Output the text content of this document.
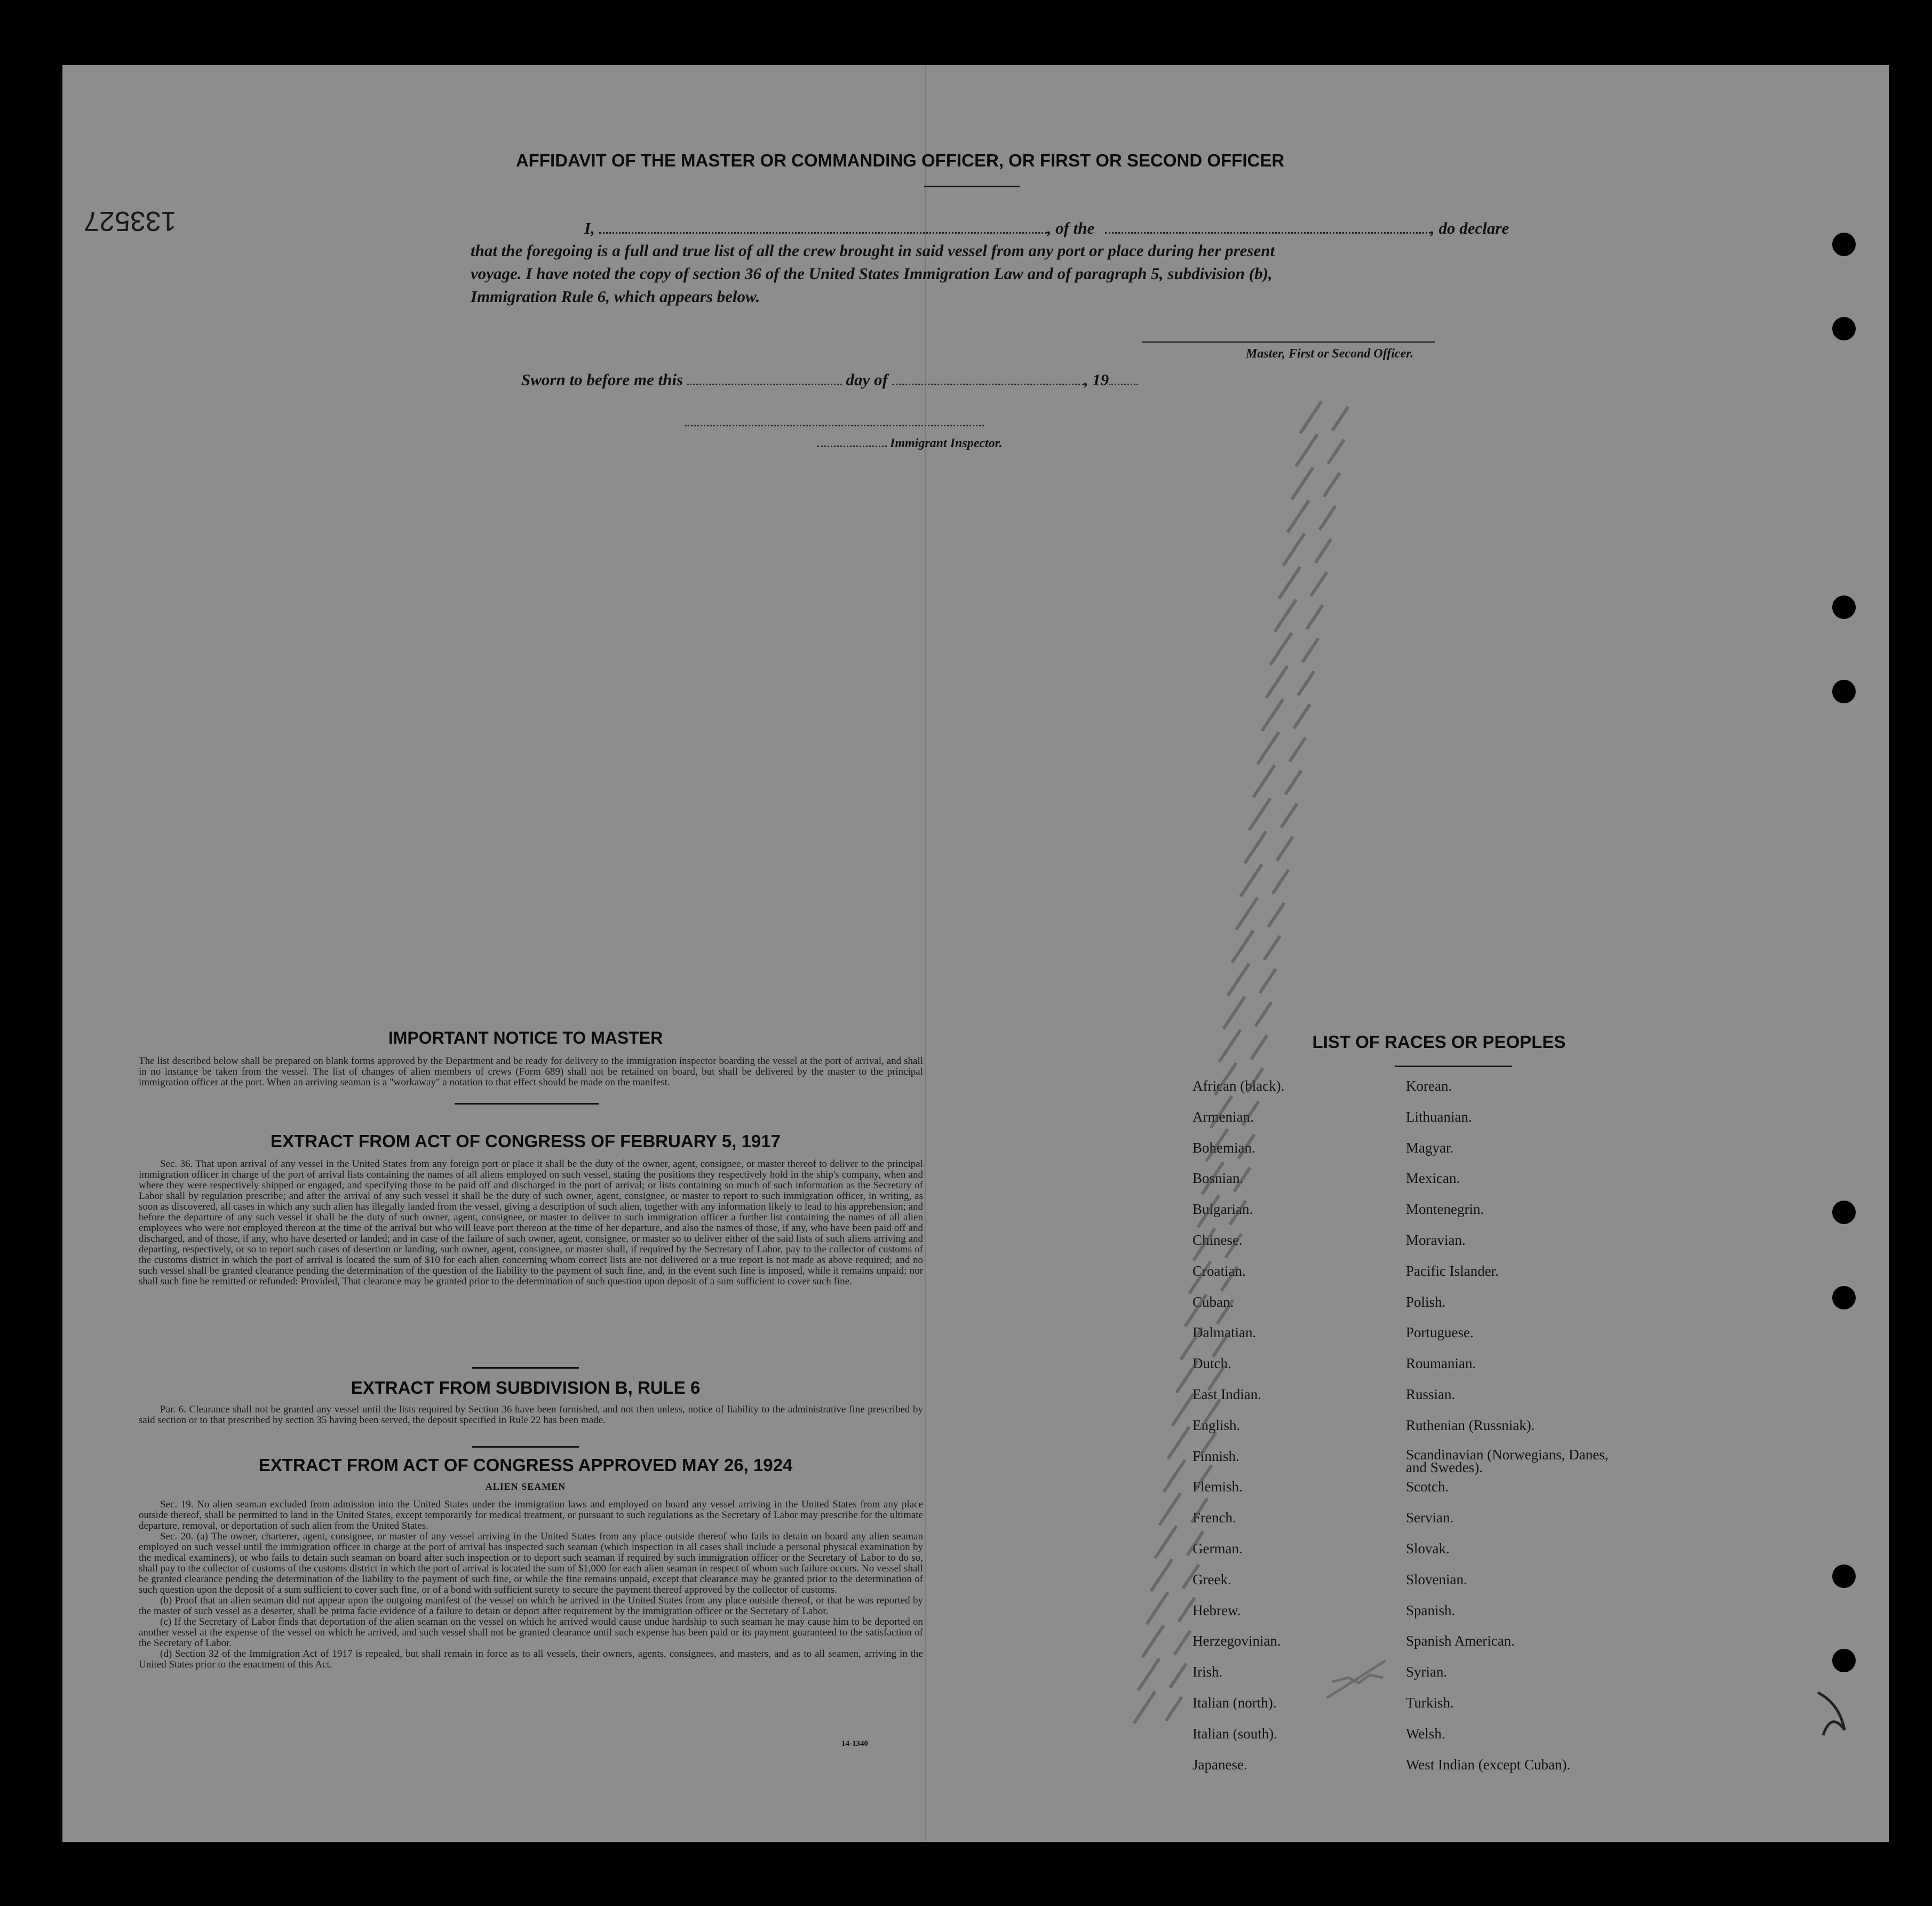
133527
AFFIDAVIT OF THE MASTER OR COMMANDING OFFICER, OR FIRST OR SECOND OFFICER
I,	, of the	, do declare
that the foregoing is a full and true list of all the crew brought in said vessel from any port or place during her present
voyage. I have noted the copy of section 36 of the United States Immigration Law and of paragraph 5, subdivision (b),
Immigration Rule 6, which appears below.
Master, First or Second Officer.
Sworn to before me this	day of	, 19
Immigrant Inspector.
IMPORTANT NOTICE TO MASTER
The list described below shall be prepared on blank forms approved by the Department and be ready for delivery to the immigration inspector boarding the vessel at the port of arrival, and shall in no instance be taken from the vessel. The list of changes of alien members of crews (Form 689) shall not be retained on board, but shall be delivered by the master to the principal immigration officer at the port. When an arriving seaman is a "workaway" a notation to that effect should be made on the manifest.
EXTRACT FROM ACT OF CONGRESS OF FEBRUARY 5, 1917
Sec. 36. That upon arrival of any vessel in the United States from any foreign port or place it shall be the duty of the owner, agent, consignee, or master thereof to deliver to the principal immigration officer in charge of the port of arrival lists containing the names of all aliens employed on such vessel, stating the positions they respectively hold in the ship's company, when and where they were respectively shipped or engaged, and specifying those to be paid off and discharged in the port of arrival; or lists containing so much of such information as the Secretary of Labor shall by regulation prescribe; and after the arrival of any such vessel it shall be the duty of such owner, agent, consignee, or master to report to such immigration officer, in writing, as soon as discovered, all cases in which any such alien has illegally landed from the vessel, giving a description of such alien, together with any information likely to lead to his apprehension; and before the departure of any such vessel it shall be the duty of such owner, agent, consignee, or master to deliver to such immigration officer a further list containing the names of all alien employees who were not employed thereon at the time of the arrival but who will leave port thereon at the time of her departure, and also the names of those, if any, who have been paid off and discharged, and of those, if any, who have deserted or landed; and in case of the failure of such owner, agent, consignee, or master so to deliver either of the said lists of such aliens arriving and departing, respectively, or so to report such cases of desertion or landing, such owner, agent, consignee, or master shall, if required by the Secretary of Labor, pay to the collector of customs of the customs district in which the port of arrival is located the sum of $10 for each alien concerning whom correct lists are not delivered or a true report is not made as above required; and no such vessel shall be granted clearance pending the determination of the question of the liability to the payment of such fine, and, in the event such fine is imposed, while it remains unpaid; nor shall such fine be remitted or refunded: Provided, That clearance may be granted prior to the determination of such question upon deposit of a sum sufficient to cover such fine.
EXTRACT FROM SUBDIVISION B, RULE 6
Par. 6. Clearance shall not be granted any vessel until the lists required by Section 36 have been furnished, and not then unless, notice of liability to the administrative fine prescribed by said section or to that prescribed by section 35 having been served, the deposit specified in Rule 22 has been made.
EXTRACT FROM ACT OF CONGRESS APPROVED MAY 26, 1924
ALIEN SEAMEN

Sec. 19. No alien seaman excluded from admission into the United States under the immigration laws and employed on board any vessel arriving in the United States from any place outside thereof, shall be permitted to land in the United States, except temporarily for medical treatment, or pursuant to such regulations as the Secretary of Labor may prescribe for the ultimate departure, removal, or deportation of such alien from the United States.

Sec. 20. (a) The owner, charterer, agent, consignee, or master of any vessel arriving in the United States from any place outside thereof who fails to detain on board any alien seaman employed on such vessel until the immigration officer in charge at the port of arrival has inspected such seaman (which inspection in all cases shall include a personal physical examination by the medical examiners), or who fails to detain such seaman on board after such inspection or to deport such seaman if required by such immigration officer or the Secretary of Labor to do so, shall pay to the collector of customs of the customs district in which the port of arrival is located the sum of $1,000 for each alien seaman in respect of whom such failure occurs. No vessel shall be granted clearance pending the determination of the liability to the payment of such fine, or while the fine remains unpaid, except that clearance may be granted prior to the determination of such question upon the deposit of a sum sufficient to cover such fine, or of a bond with sufficient surety to secure the payment thereof approved by the collector of customs.

(b) Proof that an alien seaman did not appear upon the outgoing manifest of the vessel on which he arrived in the United States from any place outside thereof, or that he was reported by the master of such vessel as a deserter, shall be prima facie evidence of a failure to detain or deport after requirement by the immigration officer or the Secretary of Labor.

(c) If the Secretary of Labor finds that deportation of the alien seaman on the vessel on which he arrived would cause undue hardship to such seaman he may cause him to be deported on another vessel at the expense of the vessel on which he arrived, and such vessel shall not be granted clearance until such expense has been paid or its payment guaranteed to the satisfaction of the Secretary of Labor.

(d) Section 32 of the Immigration Act of 1917 is repealed, but shall remain in force as to all vessels, their owners, agents, consignees, and masters, and as to all seamen, arriving in the United States prior to the enactment of this Act.

14-1340
LIST OF RACES OR PEOPLES
African (black).	Korean.
Armenian.	Lithuanian.
Bohemian.	Magyar.
Bosnian.	Mexican.
Bulgarian.	Montenegrin.
Chinese.	Moravian.
Croatian.	Pacific Islander.
Cuban.	Polish.
Dalmatian.	Portuguese.
Dutch.	Roumanian.
East Indian.	Russian.
English.	Ruthenian (Russniak).
Finnish.	Scandinavian (Norwegians, Danes, and Swedes).
Flemish.	Scotch.
French.	Servian.
German.	Slovak.
Greek.	Slovenian.
Hebrew.	Spanish.
Herzegovinian.	Spanish American.
Irish.	Syrian.
Italian (north).	Turkish.
Italian (south).	Welsh.
Japanese.	West Indian (except Cuban).
